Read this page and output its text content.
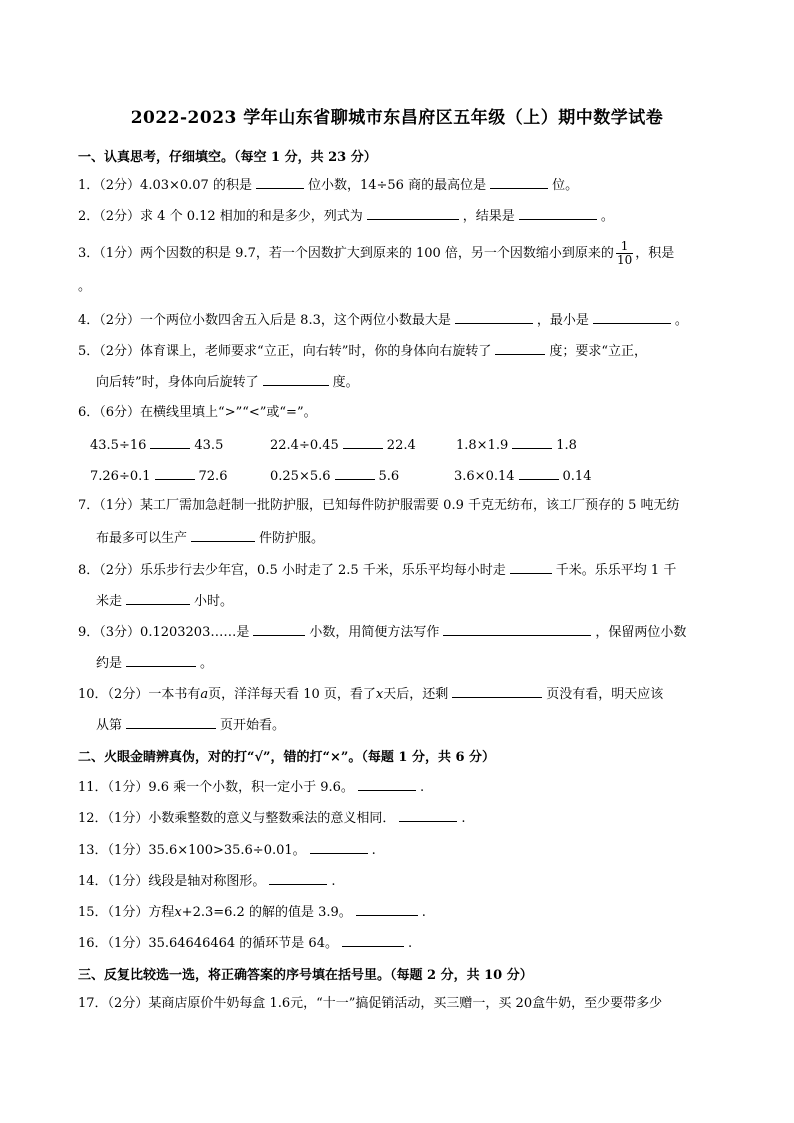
2022-2023 学年山东省聊城市东昌府区五年级（上）期中数学试卷
一、认真思考，仔细填空。（每空 1 分，共 23 分）
1．（2分）4.03×0.07 的积是	位小数，14÷56 商的最高位是	位。
2．（2分）求 4 个 0.12 相加的和是多少，列式为	，结果是	。
3．（1分）两个因数的积是 9.7，若一个因数扩大到原来的 100 倍，另一个因数缩小到原来的 $\frac{1}{10}$ ，积是
。
4．（2分）一个两位小数四舍五入后是 8.3，这个两位小数最大是	，最小是	。
5．（2分）体育课上，老师要求“立正，向右转”时，你的身体向右旋转了	度；要求“立正，
向后转”时，身体向后旋转了	度。
6．（6分）在横线里填上“>”“<”或“=”。
43.5÷16	43.5	22.4÷0.45	22.4	1.8×1.9	1.8
7.26÷0.1	72.6	0.25×5.6	5.6	3.6×0.14	0.14
7．（1分）某工厂需加急赶制一批防护服，已知每件防护服需要 0.9 千克无纺布，该工厂预存的 5 吨无纺
布最多可以生产	件防护服。
8．（2分）乐乐步行去少年宫，0.5 小时走了 2.5 千米，乐乐平均每小时走	千米。乐乐平均 1 千
米走	小时。
9．（3分）0.1203203……是	小数，用简便方法写作	，保留两位小数
约是	。
10．（2分）一本书有a页，洋洋每天看 10 页，看了x天后，还剩	页没有看，明天应该
从第	页开始看。
二、火眼金睛辨真伪，对的打“√”，错的打“×”。（每题 1 分，共 6 分）
11．（1分）9.6 乘一个小数，积一定小于 9.6。	.
12．（1分）小数乘整数的意义与整数乘法的意义相同．	.
13．（1分）35.6×100>35.6÷0.01。	.
14．（1分）线段是轴对称图形。	.
15．（1分）方程x+2.3=6.2 的解的值是 3.9。	.
16．（1分）35.64646464 的循环节是 64。	.
三、反复比较选一选，将正确答案的序号填在括号里。（每题 2 分，共 10 分）
17．（2分）某商店原价牛奶每盒 1.6元，“十一”搞促销活动，买三赠一，买 20盒牛奶，至少要带多少
